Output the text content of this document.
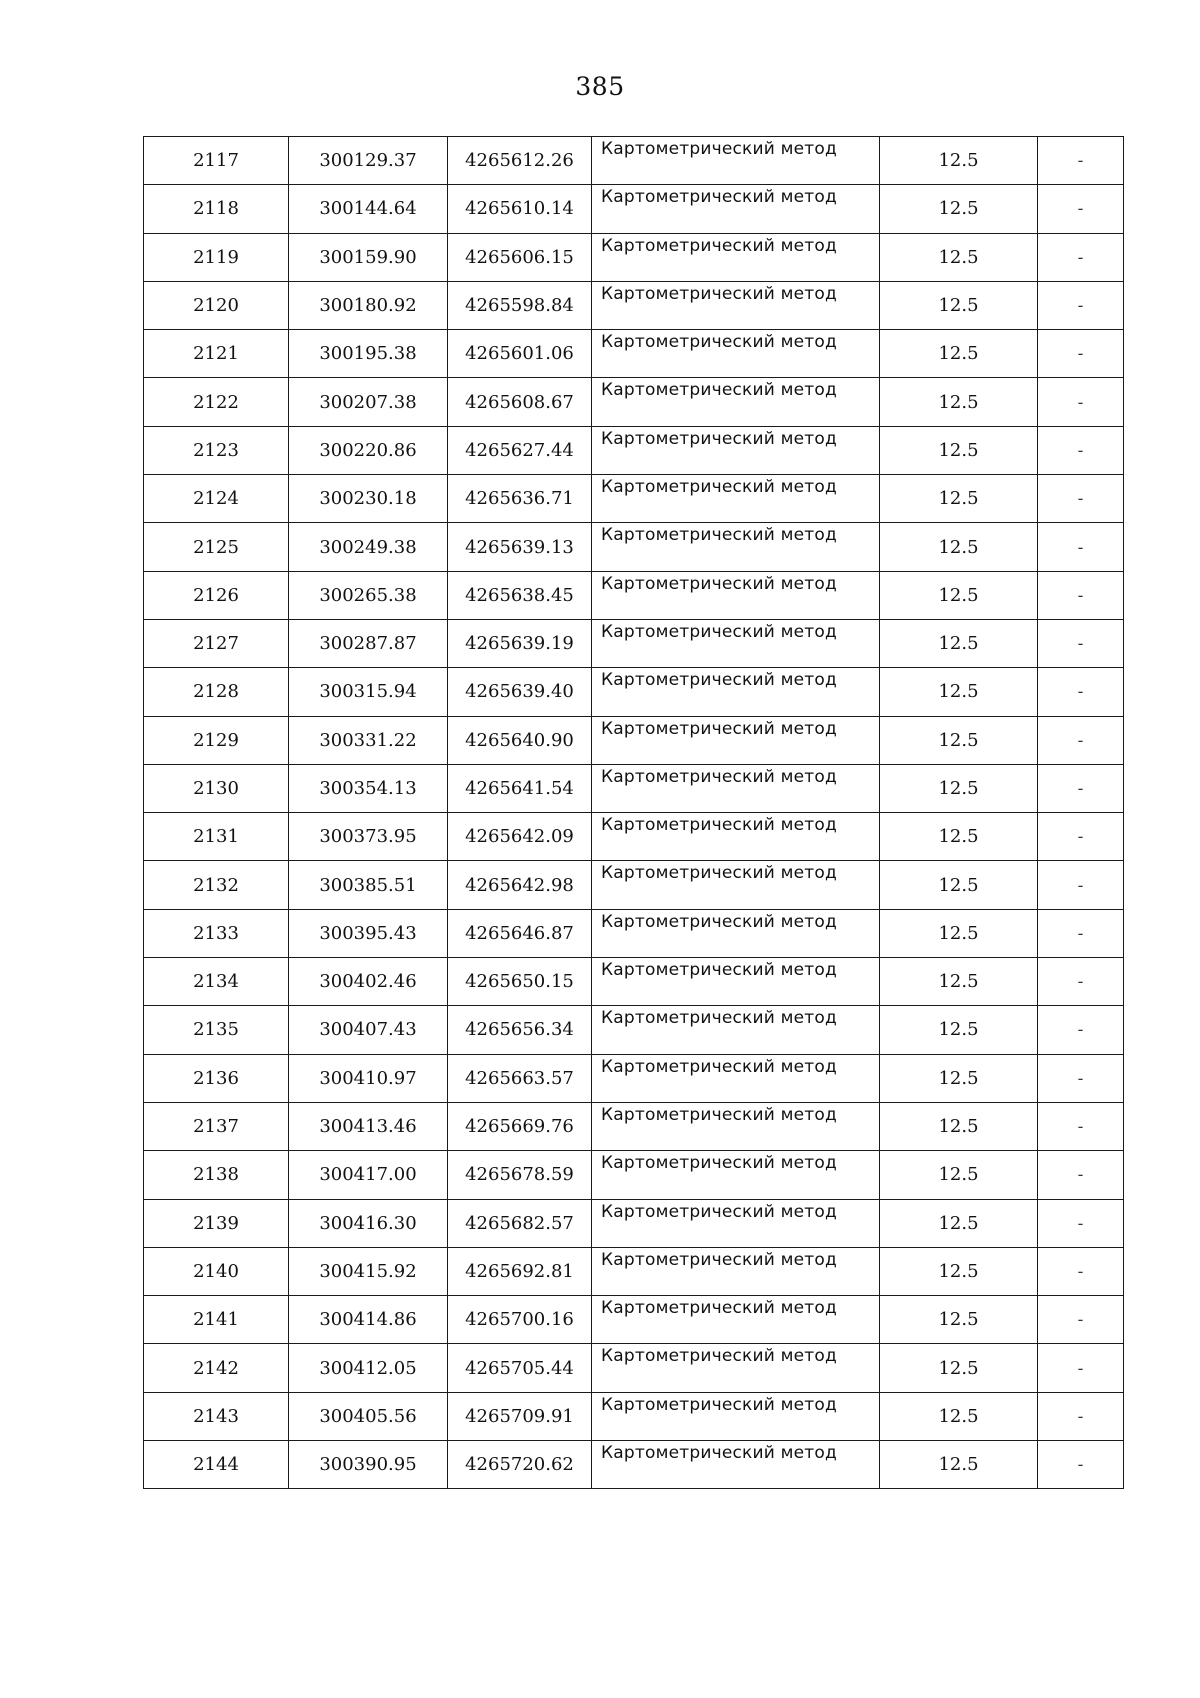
385
2117	300129.37	4265612.26	Картометрический метод	12.5	-
2118	300144.64	4265610.14	Картометрический метод	12.5	-
2119	300159.90	4265606.15	Картометрический метод	12.5	-
2120	300180.92	4265598.84	Картометрический метод	12.5	-
2121	300195.38	4265601.06	Картометрический метод	12.5	-
2122	300207.38	4265608.67	Картометрический метод	12.5	-
2123	300220.86	4265627.44	Картометрический метод	12.5	-
2124	300230.18	4265636.71	Картометрический метод	12.5	-
2125	300249.38	4265639.13	Картометрический метод	12.5	-
2126	300265.38	4265638.45	Картометрический метод	12.5	-
2127	300287.87	4265639.19	Картометрический метод	12.5	-
2128	300315.94	4265639.40	Картометрический метод	12.5	-
2129	300331.22	4265640.90	Картометрический метод	12.5	-
2130	300354.13	4265641.54	Картометрический метод	12.5	-
2131	300373.95	4265642.09	Картометрический метод	12.5	-
2132	300385.51	4265642.98	Картометрический метод	12.5	-
2133	300395.43	4265646.87	Картометрический метод	12.5	-
2134	300402.46	4265650.15	Картометрический метод	12.5	-
2135	300407.43	4265656.34	Картометрический метод	12.5	-
2136	300410.97	4265663.57	Картометрический метод	12.5	-
2137	300413.46	4265669.76	Картометрический метод	12.5	-
2138	300417.00	4265678.59	Картометрический метод	12.5	-
2139	300416.30	4265682.57	Картометрический метод	12.5	-
2140	300415.92	4265692.81	Картометрический метод	12.5	-
2141	300414.86	4265700.16	Картометрический метод	12.5	-
2142	300412.05	4265705.44	Картометрический метод	12.5	-
2143	300405.56	4265709.91	Картометрический метод	12.5	-
2144	300390.95	4265720.62	Картометрический метод	12.5	-
